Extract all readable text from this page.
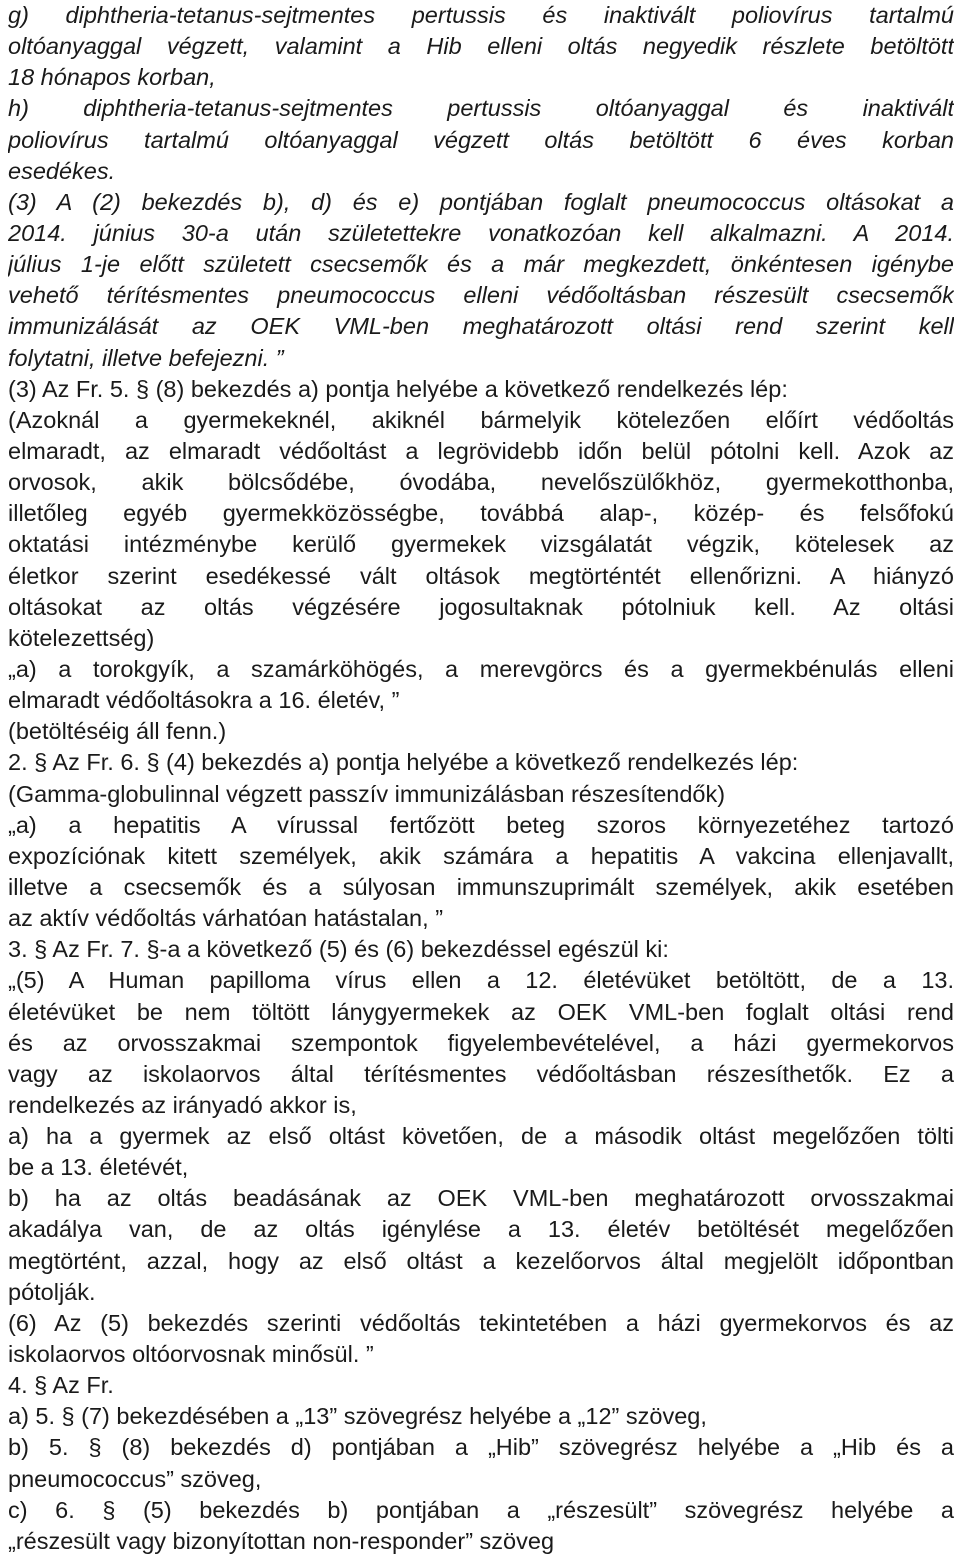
g) diphtheria-tetanus-sejtmentes pertussis és inaktivált poliovírus tartalmú
oltóanyaggal végzett, valamint a Hib elleni oltás negyedik részlete betöltött
18 hónapos korban,
h) diphtheria-tetanus-sejtmentes pertussis oltóanyaggal és inaktivált
poliovírus tartalmú oltóanyaggal végzett oltás betöltött 6 éves korban
esedékes.
(3) A (2) bekezdés b), d) és e) pontjában foglalt pneumococcus oltásokat a
2014. június 30-a után születettekre vonatkozóan kell alkalmazni. A 2014.
július 1-je előtt született csecsemők és a már megkezdett, önkéntesen igénybe
vehető térítésmentes pneumococcus elleni védőoltásban részesült csecsemők
immunizálását az OEK VML-ben meghatározott oltási rend szerint kell
folytatni, illetve befejezni. ”
(3) Az Fr. 5. § (8) bekezdés a) pontja helyébe a következő rendelkezés lép:
(Azoknál a gyermekeknél, akiknél bármelyik kötelezően előírt védőoltás
elmaradt, az elmaradt védőoltást a legrövidebb időn belül pótolni kell. Azok az
orvosok, akik bölcsődébe, óvodába, nevelőszülőkhöz, gyermekotthonba,
illetőleg egyéb gyermekközösségbe, továbbá alap-, közép- és felsőfokú
oktatási intézménybe kerülő gyermekek vizsgálatát végzik, kötelesek az
életkor szerint esedékessé vált oltások megtörténtét ellenőrizni. A hiányzó
oltásokat az oltás végzésére jogosultaknak pótolniuk kell. Az oltási
kötelezettség)
„a) a torokgyík, a szamárköhögés, a merevgörcs és a gyermekbénulás elleni
elmaradt védőoltásokra a 16. életév, ”
(betöltéséig áll fenn.)
2. § Az Fr. 6. § (4) bekezdés a) pontja helyébe a következő rendelkezés lép:
(Gamma-globulinnal végzett passzív immunizálásban részesítendők)
„a) a hepatitis A vírussal fertőzött beteg szoros környezetéhez tartozó
expozíciónak kitett személyek, akik számára a hepatitis A vakcina ellenjavallt,
illetve a csecsemők és a súlyosan immunszuprimált személyek, akik esetében
az aktív védőoltás várhatóan hatástalan, ”
3. § Az Fr. 7. §-a a következő (5) és (6) bekezdéssel egészül ki:
„(5) A Human papilloma vírus ellen a 12. életévüket betöltött, de a 13.
életévüket be nem töltött lánygyermekek az OEK VML-ben foglalt oltási rend
és az orvosszakmai szempontok figyelembevételével, a házi gyermekorvos
vagy az iskolaorvos által térítésmentes védőoltásban részesíthetők. Ez a
rendelkezés az irányadó akkor is,
a) ha a gyermek az első oltást követően, de a második oltást megelőzően tölti
be a 13. életévét,
b) ha az oltás beadásának az OEK VML-ben meghatározott orvosszakmai
akadálya van, de az oltás igénylése a 13. életév betöltését megelőzően
megtörtént, azzal, hogy az első oltást a kezelőorvos által megjelölt időpontban
pótolják.
(6) Az (5) bekezdés szerinti védőoltás tekintetében a házi gyermekorvos és az
iskolaorvos oltóorvosnak minősül. ”
4. § Az Fr.
a) 5. § (7) bekezdésében a „13” szövegrész helyébe a „12” szöveg,
b) 5. § (8) bekezdés d) pontjában a „Hib” szövegrész helyébe a „Hib és a
pneumococcus” szöveg,
c) 6. § (5) bekezdés b) pontjában a „részesült” szövegrész helyébe a
„részesült vagy bizonyítottan non-responder” szöveg
